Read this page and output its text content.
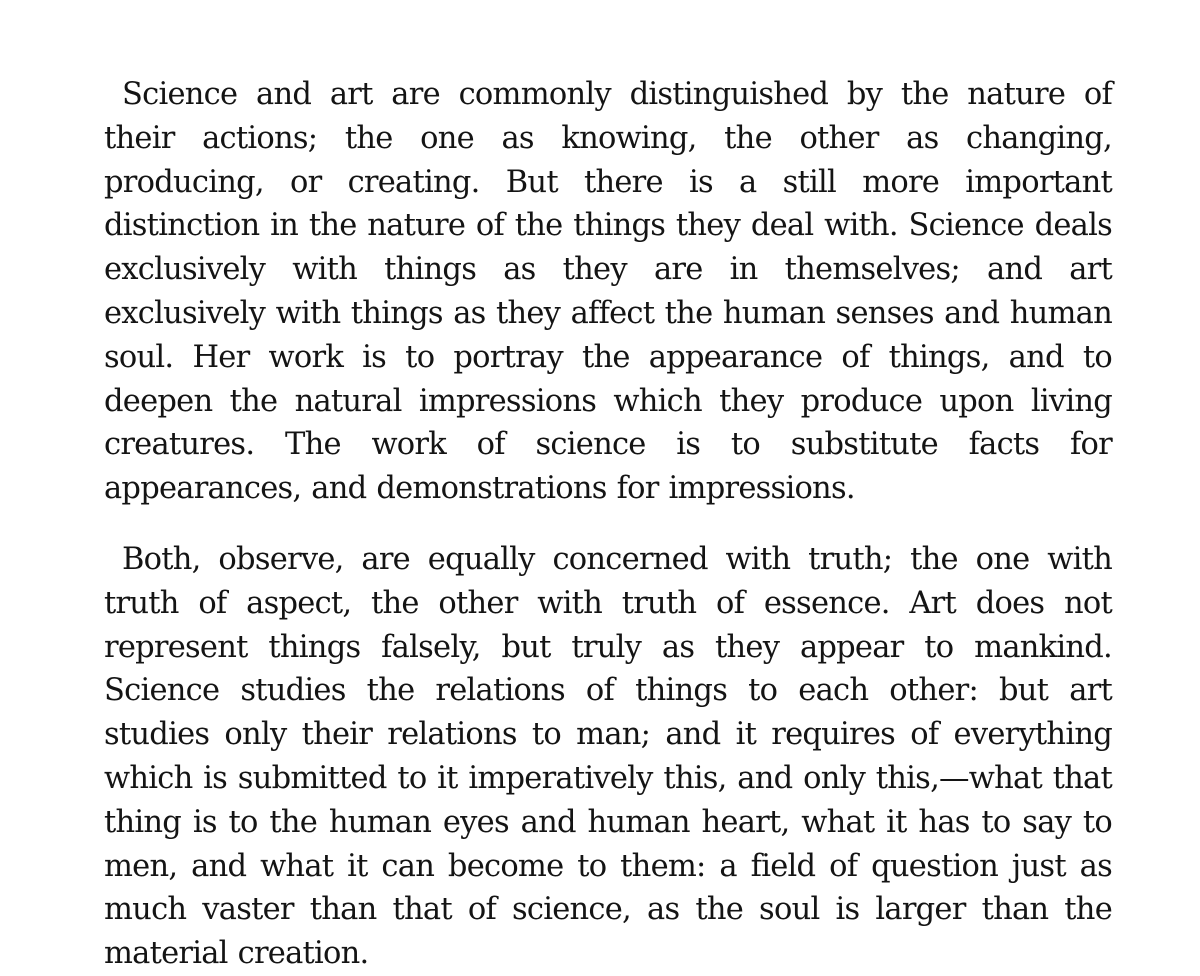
Science and art are commonly distinguished by the nature of their actions; the one as knowing, the other as changing, producing, or creating. But there is a still more important distinction in the nature of the things they deal with. Science deals exclusively with things as they are in themselves; and art exclusively with things as they affect the human senses and human soul. Her work is to portray the appearance of things, and to deepen the natural impressions which they produce upon living creatures. The work of science is to substitute facts for appearances, and demonstrations for impressions.

Both, observe, are equally concerned with truth; the one with truth of aspect, the other with truth of essence. Art does not represent things falsely, but truly as they appear to mankind. Science studies the relations of things to each other: but art studies only their relations to man; and it requires of everything which is submitted to it imperatively this, and only this,—what that thing is to the human eyes and human heart, what it has to say to men, and what it can become to them: a field of question just as much vaster than that of science, as the soul is larger than the material creation.
